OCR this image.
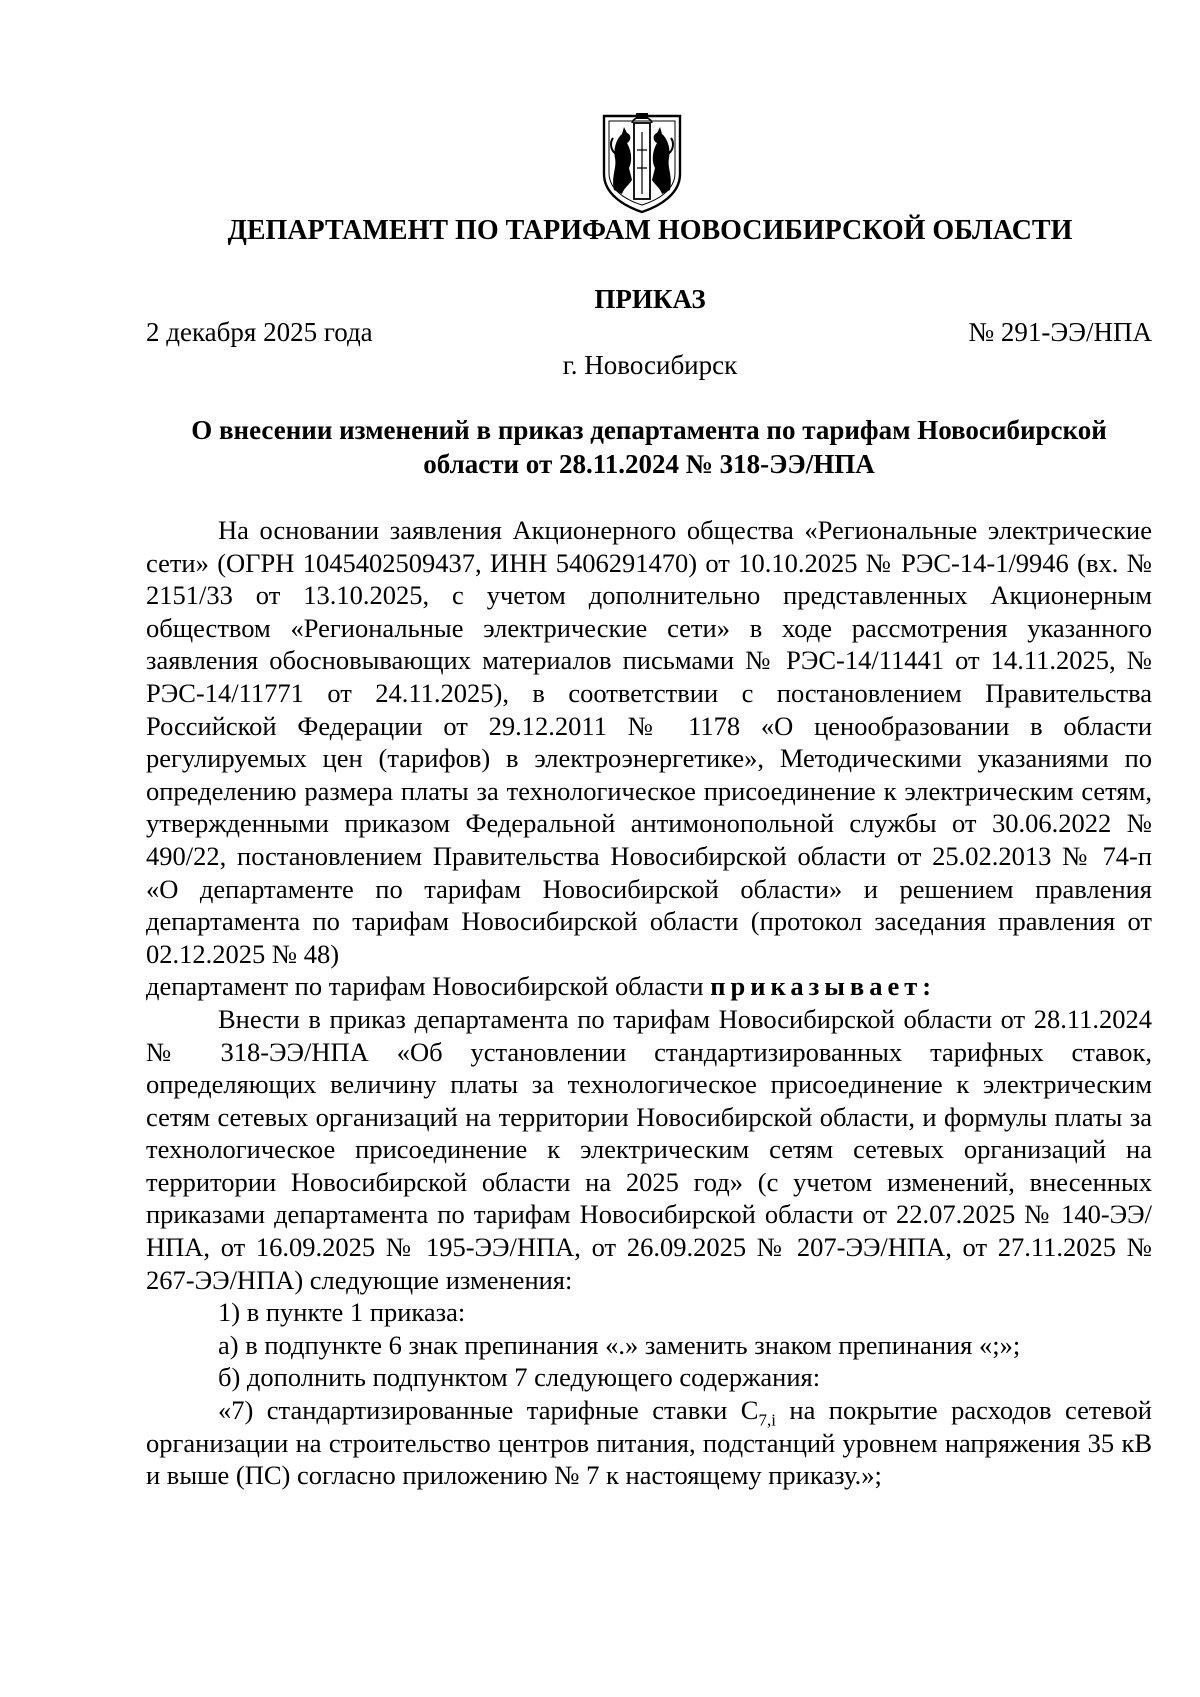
ДЕПАРТАМЕНТ ПО ТАРИФАМ НОВОСИБИРСКОЙ ОБЛАСТИ

ПРИКАЗ

2 декабря 2025 года	№ 291-ЭЭ/НПА

г. Новосибирск

О внесении изменений в приказ департамента по тарифам Новосибирской области от 28.11.2024 № 318-ЭЭ/НПА

На основании заявления Акционерного общества «Региональные электрические сети» (ОГРН 1045402509437, ИНН 5406291470) от 10.10.2025 № РЭС-14-1/9946 (вх. № 2151/33 от 13.10.2025, с учетом дополнительно представленных Акционерным обществом «Региональные электрические сети» в ходе рассмотрения указанного заявления обосновывающих материалов письмами № РЭС-14/11441 от 14.11.2025, № РЭС-14/11771 от 24.11.2025), в соответствии с постановлением Правительства Российской Федерации от 29.12.2011 № 1178 «О ценообразовании в области регулируемых цен (тарифов) в электроэнергетике», Методическими указаниями по определению размера платы за технологическое присоединение к электрическим сетям, утвержденными приказом Федеральной антимонопольной службы от 30.06.2022 № 490/22, постановлением Правительства Новосибирской области от 25.02.2013 № 74-п «О департаменте по тарифам Новосибирской области» и решением правления департамента по тарифам Новосибирской области (протокол заседания правления от 02.12.2025 № 48)

департамент по тарифам Новосибирской области приказывает:

Внести в приказ департамента по тарифам Новосибирской области от 28.11.2024 № 318-ЭЭ/НПА «Об установлении стандартизированных тарифных ставок, определяющих величину платы за технологическое присоединение к электрическим сетям сетевых организаций на территории Новосибирской области, и формулы платы за технологическое присоединение к электрическим сетям сетевых организаций на территории Новосибирской области на 2025 год» (с учетом изменений, внесенных приказами департамента по тарифам Новосибирской области от 22.07.2025 № 140-ЭЭ/НПА, от 16.09.2025 № 195-ЭЭ/НПА, от 26.09.2025 № 207-ЭЭ/НПА, от 27.11.2025 № 267-ЭЭ/НПА) следующие изменения:

1) в пункте 1 приказа:

а) в подпункте 6 знак препинания «.» заменить знаком препинания «;»;

б) дополнить подпунктом 7 следующего содержания:

«7) стандартизированные тарифные ставки $С_{7,i}$ на покрытие расходов сетевой организации на строительство центров питания, подстанций уровнем напряжения 35 кВ и выше (ПС) согласно приложению № 7 к настоящему приказу.»;
